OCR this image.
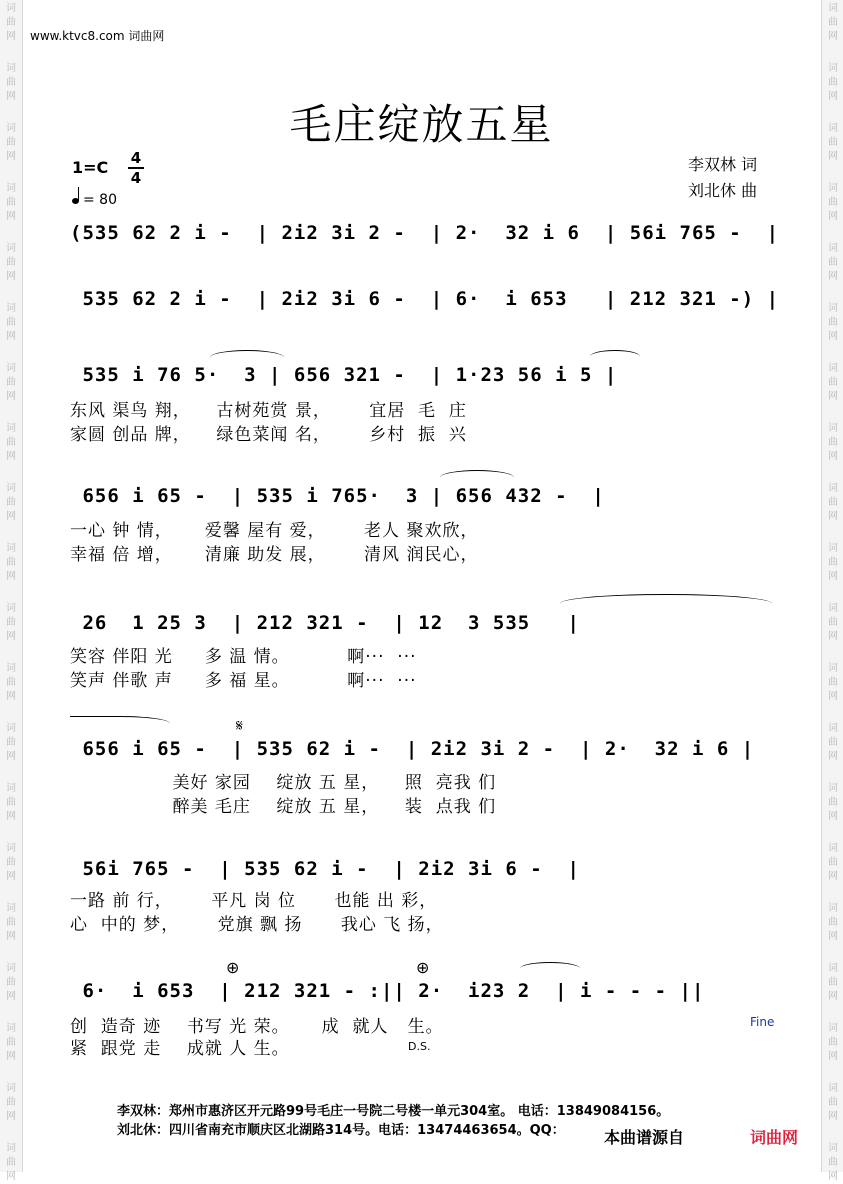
词
曲
网
词
曲
网
词
曲
网
词
曲
网
词
曲
网
词
曲
网
词
曲
网
词
曲
网
词
曲
网
词
曲
网
词
曲
网
词
曲
网
词
曲
网
词
曲
网
词
曲
网
词
曲
网
词
曲
网
词
曲
网
词
曲
网
词
曲
网
词
曲
网
词
曲
网
词
曲
网
词
曲
网
词
曲
网
词
曲
网
词
曲
网
词
曲
网
词
曲
网
词
曲
网
词
曲
网
词
曲
网
词
曲
网
词
曲
网
词
曲
网
词
曲
网
词
曲
网
词
曲
网
词
曲
网
词
曲
网
www.ktvc8.com 词曲网
毛庄绽放五星
1=C 4
4
= 80
李双林 词
刘北休 曲
(535 62 2 i -  | 2i2 3i 2 -  | 2·  32 i 6  | 56i 765 -  |
535 62 2 i -  | 2i2 3i 6 -  | 6·  i 653   | 212 321 -) |
535 i 76 5·  3 | 656 321 -  | 1·23 56 i 5 |
东风 渠鸟 翔，    古树苑赏 景，      宜居  毛  庄
家圆 创品 牌，    绿色菜闻 名，      乡村  振  兴
656 i 65 -  | 535 i 765·  3 | 656 432 -  |
一心 钟 情，     爱馨 屋有 爱，      老人 聚欢欣，
幸福 倍 增，     清廉 助发 展，      清风 润民心，
26  1 25 3  | 212 321 -  | 12  3 535   |
笑容 伴阳 光     多 温 情。         啊···  ···
笑声 伴歌 声     多 福 星。         啊···  ···
656 i 65 -  | 535 62 i -  | 2i2 3i 2 -  | 2·  32 i 6 |
美好 家园    绽放 五 星，    照  亮我 们
醉美 毛庄    绽放 五 星，    装  点我 们
56i 765 -  | 535 62 i -  | 2i2 3i 6 -  |
一路 前 行，      平凡 岗 位      也能 出 彩，
心  中的 梦，      党旗 飘 扬      我心 飞 扬，
6·  i 653  | 212 321 - :|| 2·  i23 2  | i - - - ||
创  造奇 迹    书写 光 荣。     成  就人   生。
紧  跟党 走    成就 人 生。
𝄋
⊕	⊕
D.S.
Fine
李双林：郑州市惠济区开元路99号毛庄一号院二号楼一单元304室。 电话：13849084156。
刘北休：四川省南充市顺庆区北湖路314号。电话：13474463654。QQ： 本曲谱源自	词曲网
